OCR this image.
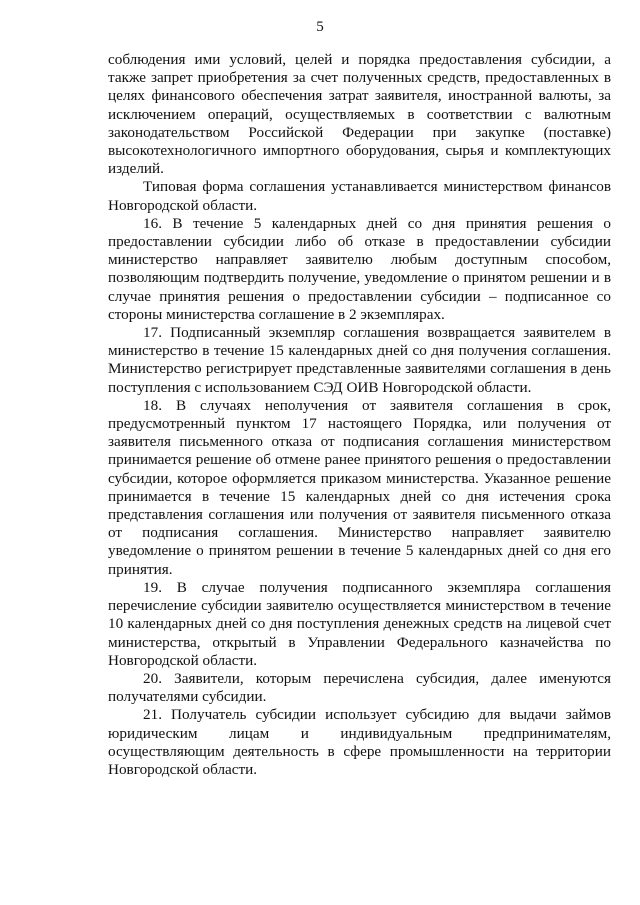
5

соблюдения ими условий, целей и порядка предоставления субсидии, а также запрет приобретения за счет полученных средств, предоставленных в целях финансового обеспечения затрат заявителя, иностранной валюты, за исключением операций, осуществляемых в соответствии с валютным законодательством Российской Федерации при закупке (поставке) высокотехнологичного импортного оборудования, сырья и комплектующих изделий.

Типовая форма соглашения устанавливается министерством финансов Новгородской области.

16. В течение 5 календарных дней со дня принятия решения о предоставлении субсидии либо об отказе в предоставлении субсидии министерство направляет заявителю любым доступным способом, позволяющим подтвердить получение, уведомление о принятом решении и в случае принятия решения о предоставлении субсидии – подписанное со стороны министерства соглашение в 2 экземплярах.

17. Подписанный экземпляр соглашения возвращается заявителем в министерство в течение 15 календарных дней со дня получения соглашения. Министерство регистрирует представленные заявителями соглашения в день поступления с использованием СЭД ОИВ Новгородской области.

18. В случаях неполучения от заявителя соглашения в срок, предусмотренный пунктом 17 настоящего Порядка, или получения от заявителя письменного отказа от подписания соглашения министерством принимается решение об отмене ранее принятого решения о предоставлении субсидии, которое оформляется приказом министерства. Указанное решение принимается в течение 15 календарных дней со дня истечения срока представления соглашения или получения от заявителя письменного отказа от подписания соглашения. Министерство направляет заявителю уведомление о принятом решении в течение 5 календарных дней со дня его принятия.

19. В случае получения подписанного экземпляра соглашения перечисление субсидии заявителю осуществляется министерством в течение 10 календарных дней со дня поступления денежных средств на лицевой счет министерства, открытый в Управлении Федерального казначейства по Новгородской области.

20. Заявители, которым перечислена субсидия, далее именуются получателями субсидии.

21. Получатель субсидии использует субсидию для выдачи займов юридическим лицам и индивидуальным предпринимателям, осуществляющим деятельность в сфере промышленности на территории Новгородской области.
